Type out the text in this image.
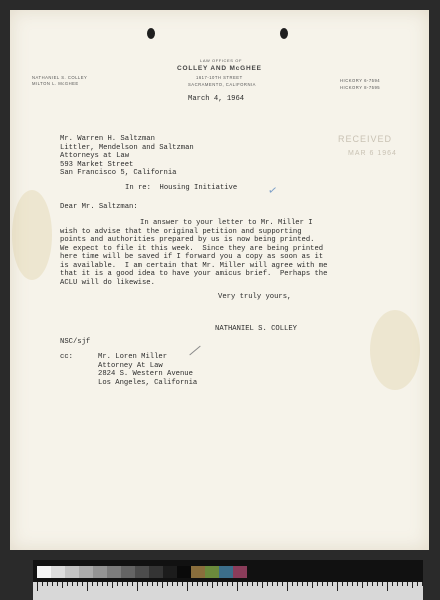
LAW OFFICES OF
COLLEY AND McGHEE
1617-10TH STREET
SACRAMENTO, CALIFORNIA
NATHANIEL S. COLLEY
MILTON L. McGHEE
HICKORY 6-7594
HICKORY 8-7595
March 4, 1964
RECEIVED
MAR 6 1964
Mr. Warren H. Saltzman
Littler, Mendelson and Saltzman
Attorneys at Law
593 Market Street
San Francisco 5, California
In re:  Housing Initiative	✓
Dear Mr. Saltzman:
In answer to your letter to Mr. Miller I
wish to advise that the original petition and supporting
points and authorities prepared by us is now being printed.
We expect to file it this week.  Since they are being printed
here time will be saved if I forward you a copy as soon as it
is available.  I am certain that Mr. Miller will agree with me
that it is a good idea to have your amicus brief.  Perhaps the
ACLU will do likewise.
Very truly yours,
NATHANIEL S. COLLEY
NSC/sjf
cc:	Mr. Loren Miller
Attorney At Law
2824 S. Western Avenue
Los Angeles, California
